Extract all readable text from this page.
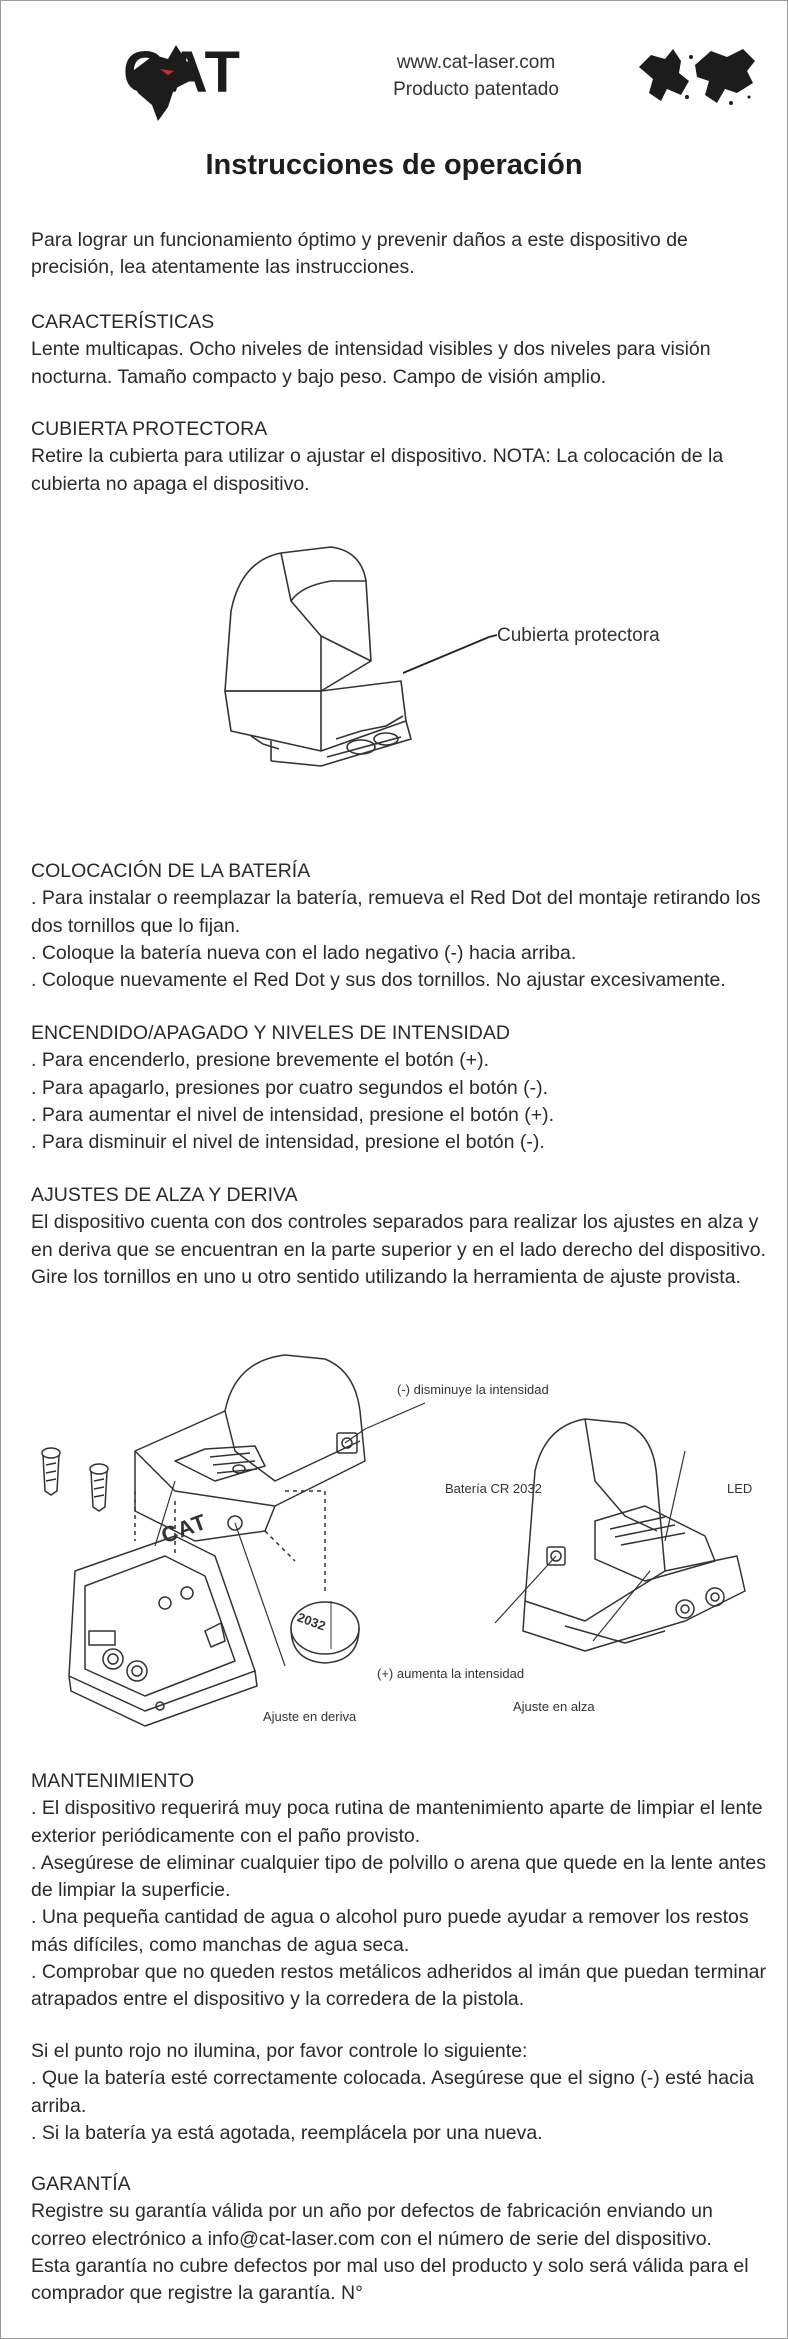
CAT	www.cat-laser.com
Producto patentado
Instrucciones de operación

Para lograr un funcionamiento óptimo y prevenir daños a este dispositivo de precisión, lea atentamente las instrucciones.

CARACTERÍSTICAS

Lente multicapas. Ocho niveles de intensidad visibles y dos niveles para visión nocturna. Tamaño compacto y bajo peso. Campo de visión amplio.

CUBIERTA PROTECTORA

Retire la cubierta para utilizar o ajustar el dispositivo. NOTA: La colocación de la cubierta no apaga el dispositivo.

Cubierta protectora

COLOCACIÓN DE LA BATERÍA

. Para instalar o reemplazar la batería, remueva el Red Dot del montaje retirando los dos tornillos que lo fijan.

. Coloque la batería nueva con el lado negativo (-) hacia arriba.

. Coloque nuevamente el Red Dot y sus dos tornillos. No ajustar excesivamente.

ENCENDIDO/APAGADO Y NIVELES DE INTENSIDAD

. Para encenderlo, presione brevemente el botón (+).

. Para apagarlo, presiones por cuatro segundos el botón (-).

. Para aumentar el nivel de intensidad, presione el botón (+).

. Para disminuir el nivel de intensidad, presione el botón (-).

AJUSTES DE ALZA Y DERIVA

El dispositivo cuenta con dos controles separados para realizar los ajustes en alza y en deriva que se encuentran en la parte superior y en el lado derecho del dispositivo. Gire los tornillos en uno u otro sentido utilizando la herramienta de ajuste provista.

CAT
2032
(-) disminuye la intensidad
Batería CR 2032	LED
(+) aumenta la intensidad
Ajuste en alza
Ajuste en deriva

MANTENIMIENTO

. El dispositivo requerirá muy poca rutina de mantenimiento aparte de limpiar el lente exterior periódicamente con el paño provisto.

. Asegúrese de eliminar cualquier tipo de polvillo o arena que quede en la lente antes de limpiar la superficie.

. Una pequeña cantidad de agua o alcohol puro puede ayudar a remover los restos más difíciles, como manchas de agua seca.

. Comprobar que no queden restos metálicos adheridos al imán que puedan terminar atrapados entre el dispositivo y la corredera de la pistola.

Si el punto rojo no ilumina, por favor controle lo siguiente:

. Que la batería esté correctamente colocada. Asegúrese que el signo (-) esté hacia arriba.

. Si la batería ya está agotada, reemplácela por una nueva.

GARANTÍA

Registre su garantía válida por un año por defectos de fabricación enviando un correo electrónico a info@cat-laser.com con el número de serie del dispositivo.

Esta garantía no cubre defectos por mal uso del producto y solo será válida para el comprador que registre la garantía. N°
